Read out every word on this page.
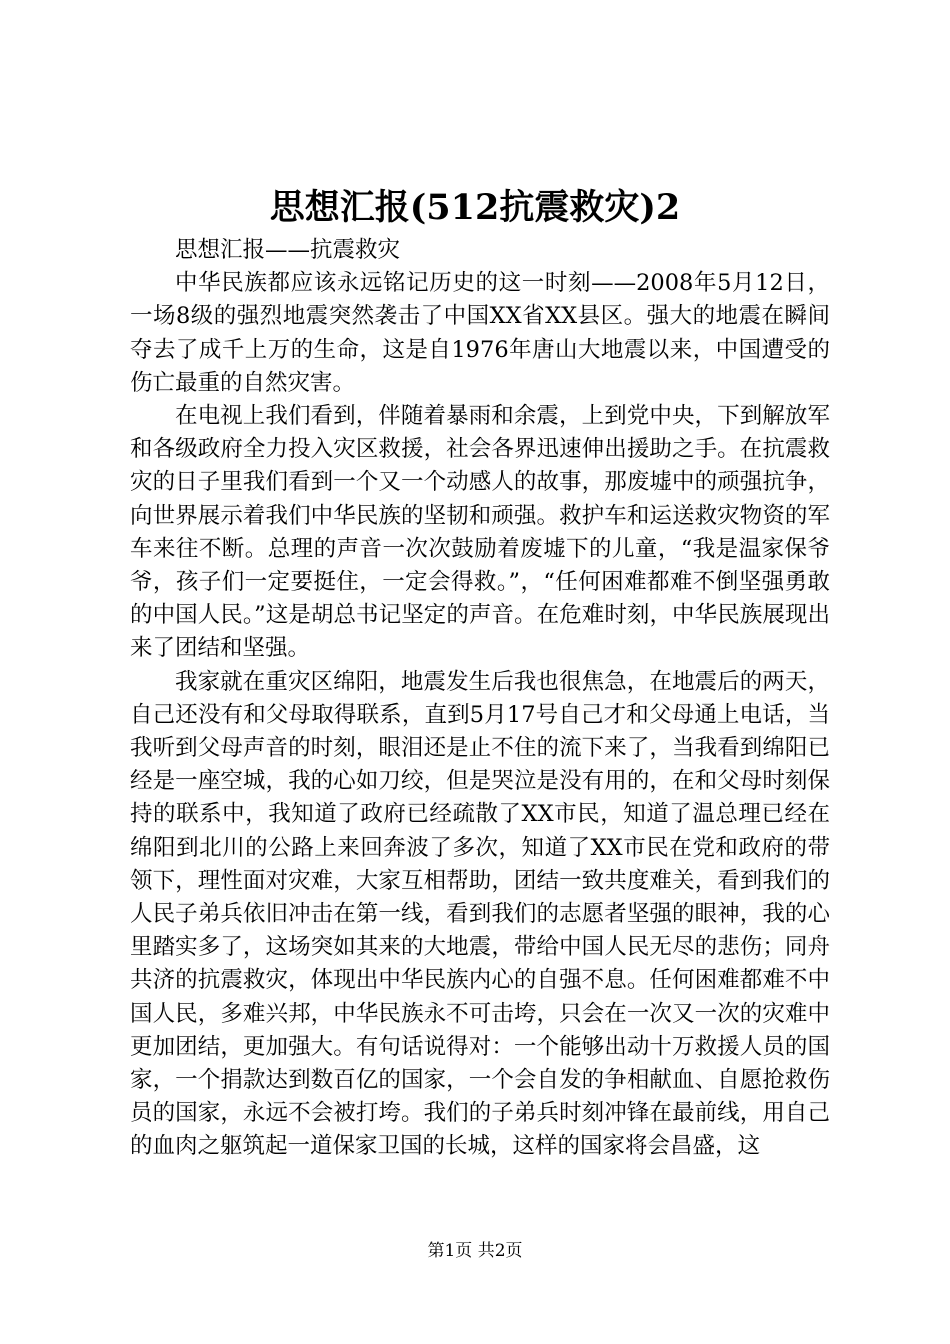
思想汇报(512抗震救灾)2

思想汇报——抗震救灾

中华民族都应该永远铭记历史的这一时刻——2008年5月12日，一场8级的强烈地震突然袭击了中国XX省XX县区。强大的地震在瞬间夺去了成千上万的生命，这是自1976年唐山大地震以来，中国遭受的伤亡最重的自然灾害。

在电视上我们看到，伴随着暴雨和余震，上到党中央，下到解放军和各级政府全力投入灾区救援，社会各界迅速伸出援助之手。在抗震救灾的日子里我们看到一个又一个动感人的故事，那废墟中的顽强抗争，向世界展示着我们中华民族的坚韧和顽强。救护车和运送救灾物资的军车来往不断。总理的声音一次次鼓励着废墟下的儿童，“我是温家保爷爷，孩子们一定要挺住，一定会得救。”，“任何困难都难不倒坚强勇敢的中国人民。”这是胡总书记坚定的声音。在危难时刻，中华民族展现出来了团结和坚强。

我家就在重灾区绵阳，地震发生后我也很焦急，在地震后的两天，自己还没有和父母取得联系，直到5月17号自己才和父母通上电话，当我听到父母声音的时刻，眼泪还是止不住的流下来了，当我看到绵阳已经是一座空城，我的心如刀绞，但是哭泣是没有用的，在和父母时刻保持的联系中，我知道了政府已经疏散了XX市民，知道了温总理已经在绵阳到北川的公路上来回奔波了多次，知道了XX市民在党和政府的带领下，理性面对灾难，大家互相帮助，团结一致共度难关，看到我们的人民子弟兵依旧冲击在第一线，看到我们的志愿者坚强的眼神，我的心里踏实多了，这场突如其来的大地震，带给中国人民无尽的悲伤；同舟共济的抗震救灾，体现出中华民族内心的自强不息。任何困难都难不中国人民，多难兴邦，中华民族永不可击垮，只会在一次又一次的灾难中更加团结，更加强大。有句话说得对：一个能够出动十万救援人员的国家，一个捐款达到数百亿的国家，一个会自发的争相献血、自愿抢救伤员的国家，永远不会被打垮。我们的子弟兵时刻冲锋在最前线，用自己的血肉之躯筑起一道保家卫国的长城，这样的国家将会昌盛，这

第1页 共2页
